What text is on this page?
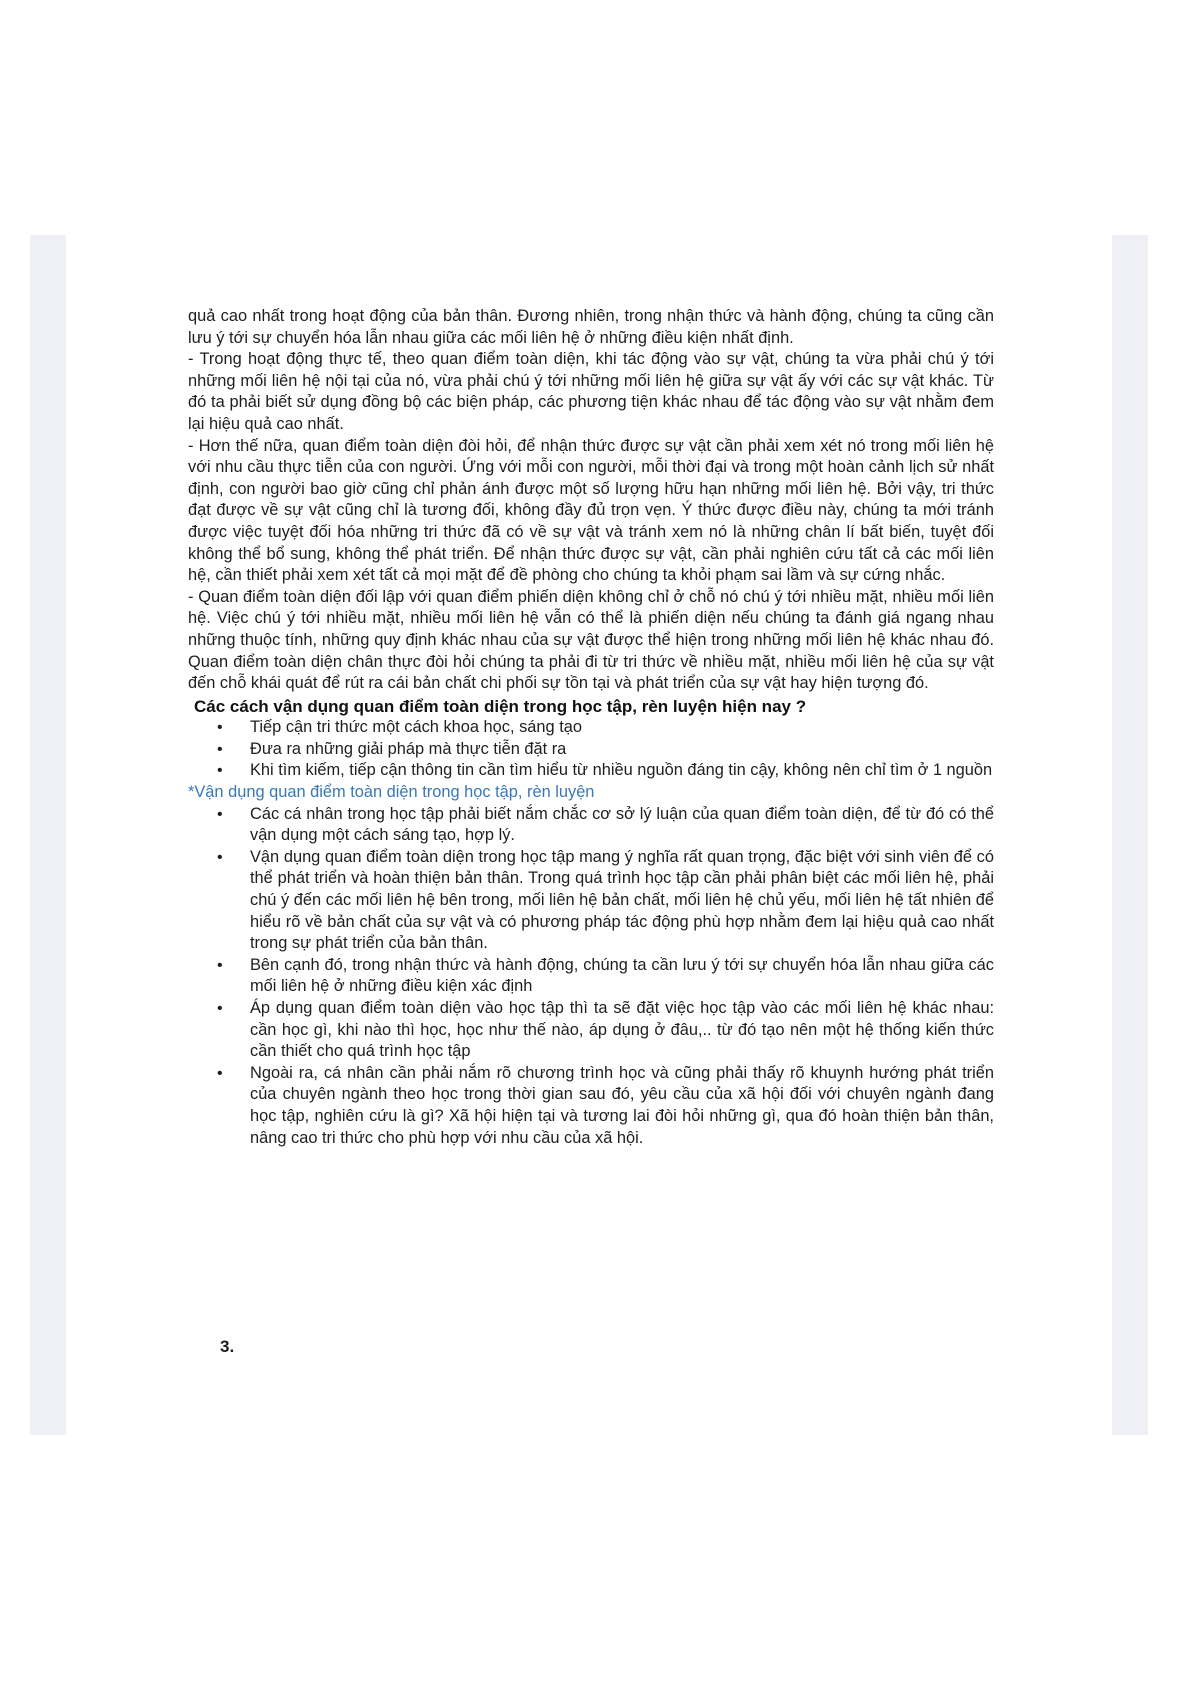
quả cao nhất trong hoạt động của bản thân. Đương nhiên, trong nhận thức và hành động, chúng ta cũng cần lưu ý tới sự chuyển hóa lẫn nhau giữa các mối liên hệ ở những điều kiện nhất định.

- Trong hoạt động thực tế, theo quan điểm toàn diện, khi tác động vào sự vật, chúng ta vừa phải chú ý tới những mối liên hệ nội tại của nó, vừa phải chú ý tới những mối liên hệ giữa sự vật ấy với các sự vật khác. Từ đó ta phải biết sử dụng đồng bộ các biện pháp, các phương tiện khác nhau để tác động vào sự vật nhằm đem lại hiệu quả cao nhất.

- Hơn thế nữa, quan điểm toàn diện đòi hỏi, để nhận thức được sự vật cần phải xem xét nó trong mối liên hệ với nhu cầu thực tiễn của con người. Ứng với mỗi con người, mỗi thời đại và trong một hoàn cảnh lịch sử nhất định, con người bao giờ cũng chỉ phản ánh được một số lượng hữu hạn những mối liên hệ. Bởi vậy, tri thức đạt được về sự vật cũng chỉ là tương đối, không đầy đủ trọn vẹn. Ý thức được điều này, chúng ta mới tránh được việc tuyệt đối hóa những tri thức đã có về sự vật và tránh xem nó là những chân lí bất biến, tuyệt đối không thể bổ sung, không thể phát triển. Để nhận thức được sự vật, cần phải nghiên cứu tất cả các mối liên hệ, cần thiết phải xem xét tất cả mọi mặt để đề phòng cho chúng ta khỏi phạm sai lầm và sự cứng nhắc.

- Quan điểm toàn diện đối lập với quan điểm phiến diện không chỉ ở chỗ nó chú ý tới nhiều mặt, nhiều mối liên hệ. Việc chú ý tới nhiều mặt, nhiều mối liên hệ vẫn có thể là phiến diện nếu chúng ta đánh giá ngang nhau những thuộc tính, những quy định khác nhau của sự vật được thể hiện trong những mối liên hệ khác nhau đó. Quan điểm toàn diện chân thực đòi hỏi chúng ta phải đi từ tri thức về nhiều mặt, nhiều mối liên hệ của sự vật đến chỗ khái quát để rút ra cái bản chất chi phối sự tồn tại và phát triển của sự vật hay hiện tượng đó.

Các cách vận dụng quan điểm toàn diện trong học tập, rèn luyện hiện nay ?

• Tiếp cận tri thức một cách khoa học, sáng tạo
• Đưa ra những giải pháp mà thực tiễn đặt ra
• Khi tìm kiếm, tiếp cận thông tin cần tìm hiểu từ nhiều nguồn đáng tin cậy, không nên chỉ tìm ở 1 nguồn

*Vận dụng quan điểm toàn diện trong học tập, rèn luyện

• Các cá nhân trong học tập phải biết nắm chắc cơ sở lý luận của quan điểm toàn diện, để từ đó có thể vận dụng một cách sáng tạo, hợp lý.
• Vận dụng quan điểm toàn diện trong học tập mang ý nghĩa rất quan trọng, đặc biệt với sinh viên để có thể phát triển và hoàn thiện bản thân. Trong quá trình học tập cần phải phân biệt các mối liên hệ, phải chú ý đến các mối liên hệ bên trong, mối liên hệ bản chất, mối liên hệ chủ yếu, mối liên hệ tất nhiên để hiểu rõ về bản chất của sự vật và có phương pháp tác động phù hợp nhằm đem lại hiệu quả cao nhất trong sự phát triển của bản thân.
• Bên cạnh đó, trong nhận thức và hành động, chúng ta cần lưu ý tới sự chuyển hóa lẫn nhau giữa các mối liên hệ ở những điều kiện xác định
• Áp dụng quan điểm toàn diện vào học tập thì ta sẽ đặt việc học tập vào các mối liên hệ khác nhau: cần học gì, khi nào thì học, học như thế nào, áp dụng ở đâu,.. từ đó tạo nên một hệ thống kiến thức cần thiết cho quá trình học tập
• Ngoài ra, cá nhân cần phải nắm rõ chương trình học và cũng phải thấy rõ khuynh hướng phát triển của chuyên ngành theo học trong thời gian sau đó, yêu cầu của xã hội đối với chuyên ngành đang học tập, nghiên cứu là gì? Xã hội hiện tại và tương lai đòi hỏi những gì, qua đó hoàn thiện bản thân, nâng cao tri thức cho phù hợp với nhu cầu của xã hội.
3.
